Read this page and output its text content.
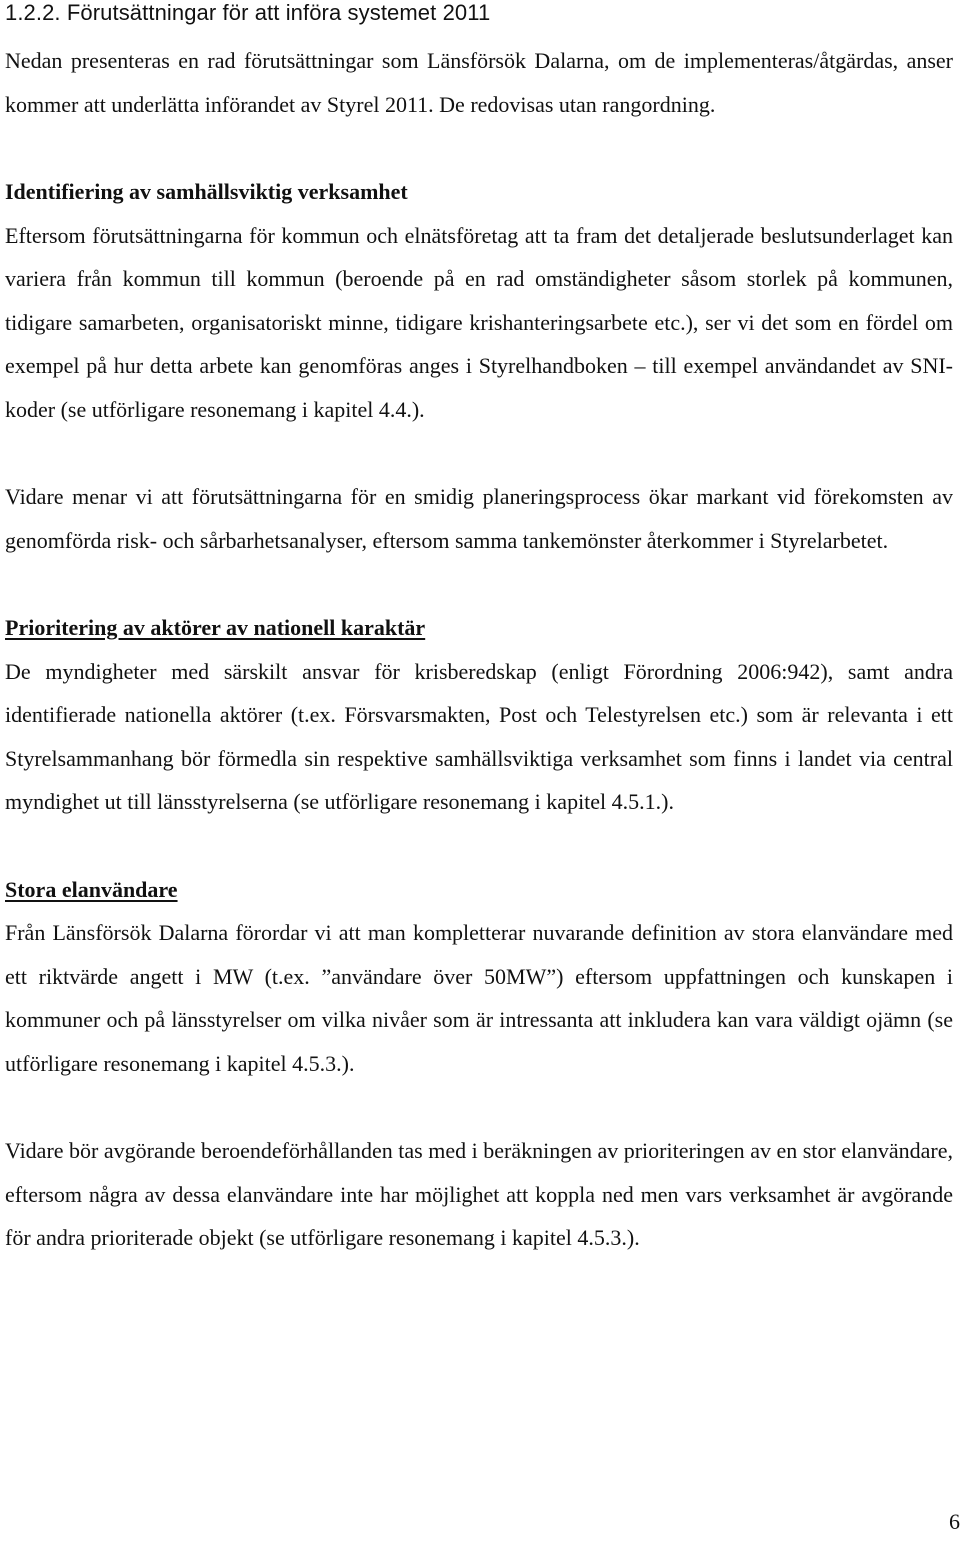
1.2.2. Förutsättningar för att införa systemet 2011

Nedan presenteras en rad förutsättningar som Länsförsök Dalarna, om de implementeras/åtgärdas, anser kommer att underlätta införandet av Styrel 2011. De redovisas utan rangordning.

Identifiering av samhällsviktig verksamhet

Eftersom förutsättningarna för kommun och elnätsföretag att ta fram det detaljerade beslutsunderlaget kan variera från kommun till kommun (beroende på en rad omständigheter såsom storlek på kommunen, tidigare samarbeten, organisatoriskt minne, tidigare krishanteringsarbete etc.), ser vi det som en fördel om exempel på hur detta arbete kan genomföras anges i Styrelhandboken – till exempel användandet av SNI-koder (se utförligare resonemang i kapitel 4.4.).

Vidare menar vi att förutsättningarna för en smidig planeringsprocess ökar markant vid förekomsten av genomförda risk- och sårbarhetsanalyser, eftersom samma tankemönster återkommer i Styrelarbetet.

Prioritering av aktörer av nationell karaktär

De myndigheter med särskilt ansvar för krisberedskap (enligt Förordning 2006:942), samt andra identifierade nationella aktörer (t.ex. Försvarsmakten, Post och Telestyrelsen etc.) som är relevanta i ett Styrelsammanhang bör förmedla sin respektive samhällsviktiga verksamhet som finns i landet via central myndighet ut till länsstyrelserna (se utförligare resonemang i kapitel 4.5.1.).

Stora elanvändare

Från Länsförsök Dalarna förordar vi att man kompletterar nuvarande definition av stora elanvändare med ett riktvärde angett i MW (t.ex. ”användare över 50MW”) eftersom uppfattningen och kunskapen i kommuner och på länsstyrelser om vilka nivåer som är intressanta att inkludera kan vara väldigt ojämn (se utförligare resonemang i kapitel 4.5.3.).

Vidare bör avgörande beroendeförhållanden tas med i beräkningen av prioriteringen av en stor elanvändare, eftersom några av dessa elanvändare inte har möjlighet att koppla ned men vars verksamhet är avgörande för andra prioriterade objekt (se utförligare resonemang i kapitel 4.5.3.).

6
